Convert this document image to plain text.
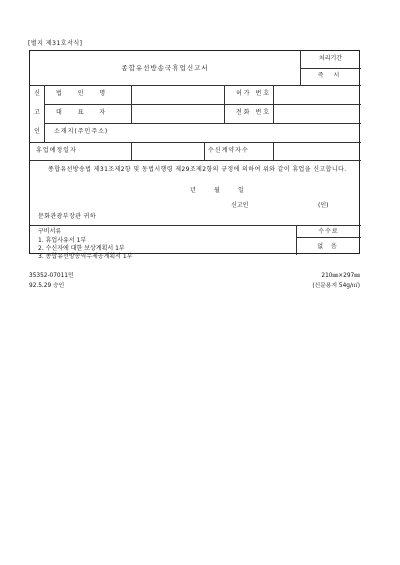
[별지 제31호서식]
종합유선방송국휴업신고서
처리기간
즉 시
신
고
인
법 인 명	허가 번호
대 표 자	전화 번호
소재지(주민주소)
휴업예정일자	수신계약자수
종합유선방송법 제31조제2항 및 동법시행령 제29조제2항의 규정에 의하여 위와 같이 휴업을 신고합니다.
년	월	일
신고인	(인)
문화관광부장관 귀하
구비서류
1. 휴업사유서 1부
2. 수신자에 대한 보상계획서 1부
3. 종합유선방송역무제공계획서 1부
수수료
없 음
35352-07011민
92.5.29 승인
210㎜×297㎜
(신문용지 54g/㎡)
